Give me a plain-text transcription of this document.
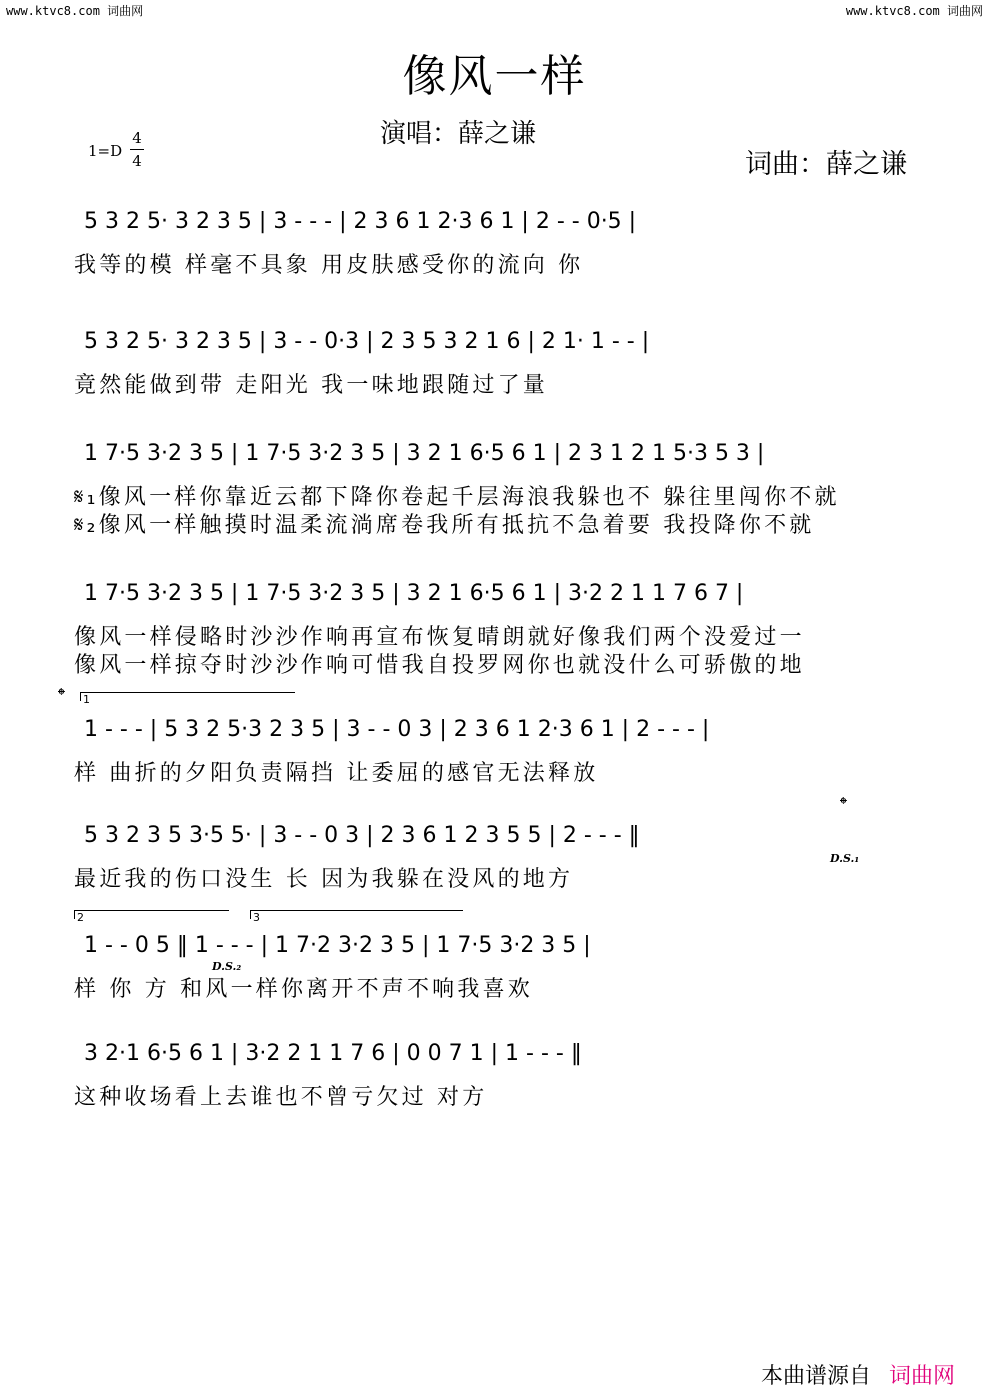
www.ktvc8.com 词曲网	www.ktvc8.com 词曲网
像风一样
演唱：薛之谦
1=D
4
4	词曲：薛之谦
5 3 2 5· 3 2 3 5 | 3 - - - | 2 3 6 1 2·3 6 1 | 2 - - 0·5 |
我等的模 样毫不具象 用皮肤感受你的流向 你
5 3 2 5· 3 2 3 5 | 3 - - 0·3 | 2 3 5 3 2 1 6 | 2 1· 1 - - |
竟然能做到带 走阳光 我一味地跟随过了量
1 7·5 3·2 3 5 | 1 7·5 3·2 3 5 | 3 2 1 6·5 6 1 | 2 3 1 2 1 5·3 5 3 |
𝄋₁像风一样你靠近云都下降你卷起千层海浪我躲也不 躲往里闯你不就
𝄋₂像风一样触摸时温柔流淌席卷我所有抵抗不急着要 我投降你不就
1 7·5 3·2 3 5 | 1 7·5 3·2 3 5 | 3 2 1 6·5 6 1 | 3·2 2 1 1 7 6 7 |
像风一样侵略时沙沙作响再宣布恢复晴朗就好像我们两个没爱过一
像风一样掠夺时沙沙作响可惜我自投罗网你也就没什么可骄傲的地
𝄌 1
1 - - - | 5 3 2 5·3 2 3 5 | 3 - - 0 3 | 2 3 6 1 2·3 6 1 | 2 - - - |
样 曲折的夕阳负责隔挡 让委屈的感官无法释放
𝄌
5 3 2 3 5 3·5 5· | 3 - - 0 3 | 2 3 6 1 2 3 5 5 | 2 - - - ‖
最近我的伤口没生 长 因为我躲在没风的地方
D.S.₁
2	3
1 - - 0 5 ‖ 1 - - - | 1 7·2 3·2 3 5 | 1 7·5 3·2 3 5 |
样 你 方 和风一样你离开不声不响我喜欢
D.S.₂
3 2·1 6·5 6 1 | 3·2 2 1 1 7 6 | 0 0 7 1 | 1 - - - ‖
这种收场看上去谁也不曾亏欠过 对方
本曲谱源自 词曲网
